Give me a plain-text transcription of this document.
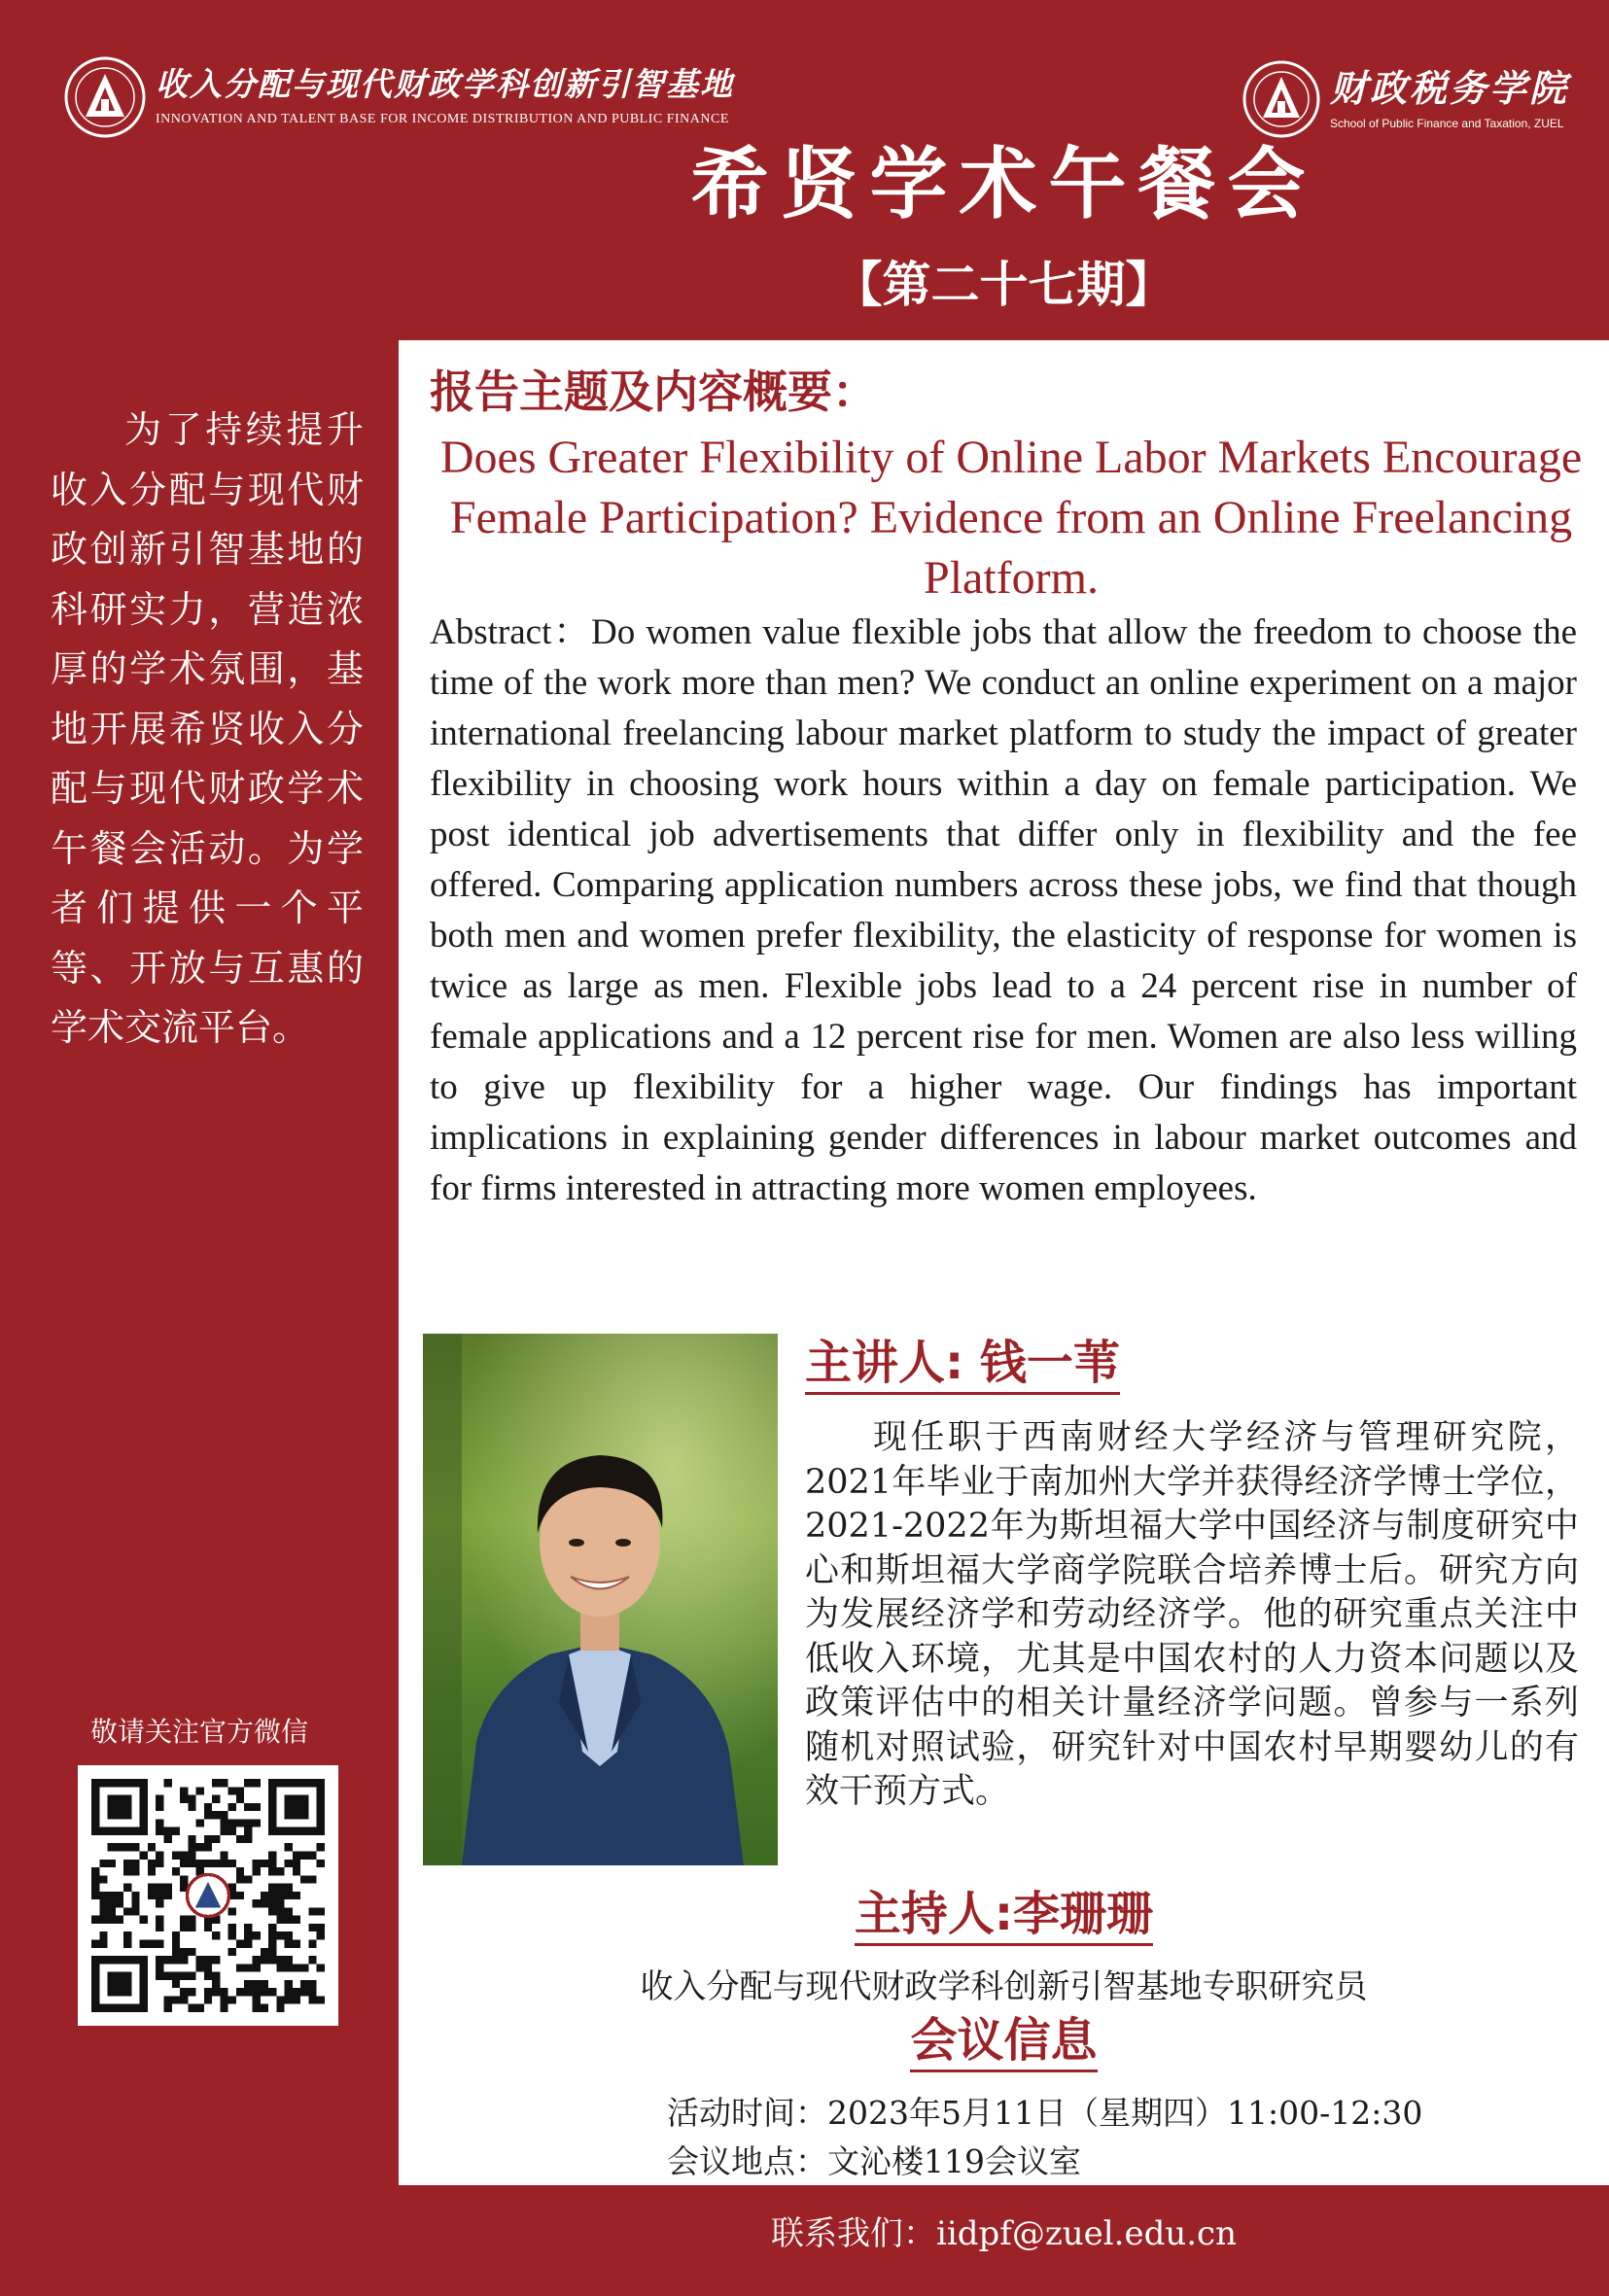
收入分配与现代财政学科创新引智基地
INNOVATION AND TALENT BASE FOR INCOME DISTRIBUTION AND PUBLIC FINANCE
财政税务学院
School of Public Finance and Taxation, ZUEL
希贤学术午餐会
【第二十七期】
为了持续提升收入分配与现代财政创新引智基地的科研实力，营造浓厚的学术氛围，基地开展希贤收入分配与现代财政学术午餐会活动。为学者们提供一个平等、开放与互惠的学术交流平台。
敬请关注官方微信
报告主题及内容概要：
Does Greater Flexibility of Online Labor Markets Encourage Female Participation? Evidence from an Online Freelancing Platform.
Abstract：Do women value flexible jobs that allow the freedom to choose the time of the work more than men? We conduct an online experiment on a major international freelancing labour market platform to study the impact of greater flexibility in choosing work hours within a day on female participation. We post identical job advertisements that differ only in flexibility and the fee offered. Comparing application numbers across these jobs, we find that though both men and women prefer flexibility, the elasticity of response for women is twice as large as men. Flexible jobs lead to a 24 percent rise in number of female applications and a 12 percent rise for men. Women are also less willing to give up flexibility for a higher wage. Our findings has important implications in explaining gender differences in labour market outcomes and for firms interested in attracting more women employees.
主讲人: 钱一苇
现任职于西南财经大学经济与管理研究院，2021年毕业于南加州大学并获得经济学博士学位，2021-2022年为斯坦福大学中国经济与制度研究中心和斯坦福大学商学院联合培养博士后。研究方向为发展经济学和劳动经济学。他的研究重点关注中低收入环境，尤其是中国农村的人力资本问题以及政策评估中的相关计量经济学问题。曾参与一系列随机对照试验，研究针对中国农村早期婴幼儿的有效干预方式。
主持人:李珊珊
收入分配与现代财政学科创新引智基地专职研究员
会议信息
活动时间：2023年5月11日（星期四）11:00-12:30
会议地点：文沁楼119会议室
联系我们：iidpf@zuel.edu.cn
